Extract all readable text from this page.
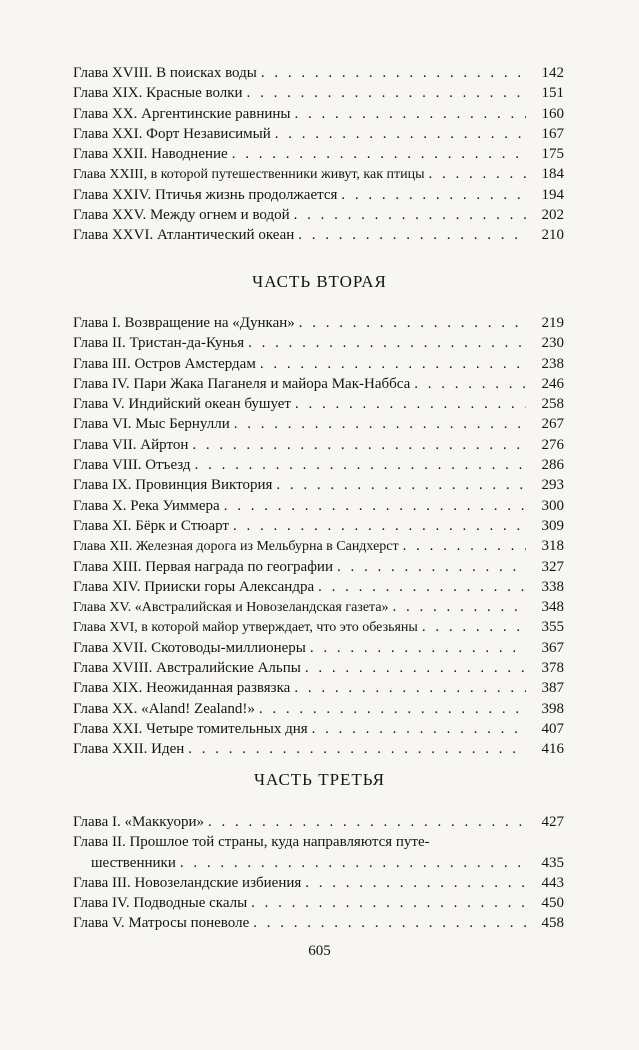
Глава XVIII. В поисках воды . . .	142
Глава XIX. Красные волки . . .	151
Глава XX. Аргентинские равнины . . .	160
Глава XXI. Форт Независимый . . .	167
Глава XXII. Наводнение . . .	175
Глава XXIII, в которой путешественники живут, как птицы . . .	184
Глава XXIV. Птичья жизнь продолжается . . .	194
Глава XXV. Между огнем и водой . . .	202
Глава XXVI. Атлантический океан . . .	210
ЧАСТЬ ВТОРАЯ
Глава I. Возвращение на «Дункан» . . .	219
Глава II. Тристан-да-Кунья . . .	230
Глава III. Остров Амстердам . . .	238
Глава IV. Пари Жака Паганеля и майора Мак-Наббса . . .	246
Глава V. Индийский океан бушует . . .	258
Глава VI. Мыс Бернулли . . .	267
Глава VII. Айртон . . .	276
Глава VIII. Отъезд . . .	286
Глава IX. Провинция Виктория . . .	293
Глава X. Река Уиммера . . .	300
Глава XI. Бёрк и Стюарт . . .	309
Глава XII. Железная дорога из Мельбурна в Сандхерст . . .	318
Глава XIII. Первая награда по географии . . .	327
Глава XIV. Прииски горы Александра . . .	338
Глава XV. «Австралийская и Новозеландская газета» . . .	348
Глава XVI, в которой майор утверждает, что это обезьяны . . .	355
Глава XVII. Скотоводы-миллионеры . . .	367
Глава XVIII. Австралийские Альпы . . .	378
Глава XIX. Неожиданная развязка . . .	387
Глава XX. «Aland! Zealand!» . . .	398
Глава XXI. Четыре томительных дня . . .	407
Глава XXII. Иден . . .	416
ЧАСТЬ ТРЕТЬЯ
Глава I. «Маккуори» . . .	427
Глава II. Прошлое той страны, куда направляются путе-
шественники . . .	435
Глава III. Новозеландские избиения . . .	443
Глава IV. Подводные скалы . . .	450
Глава V. Матросы поневоле . . .	458
605
